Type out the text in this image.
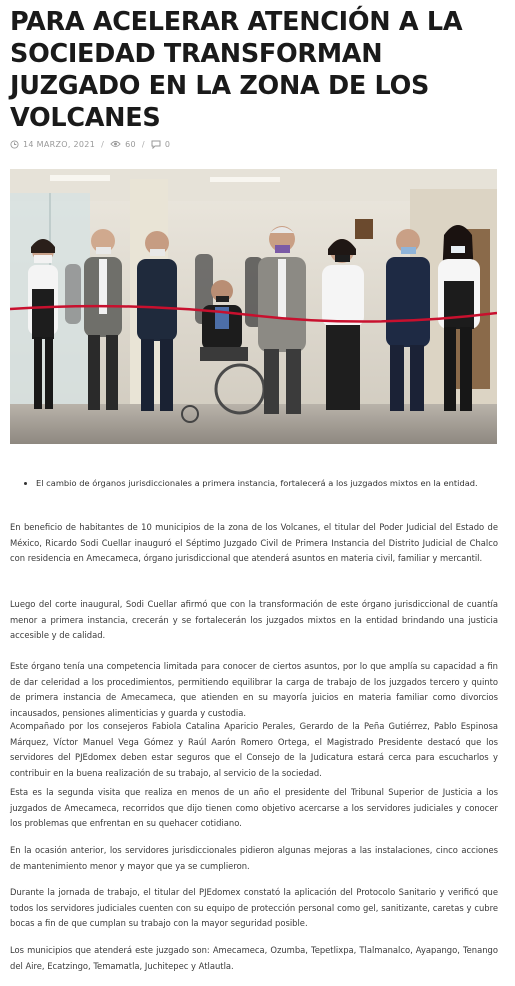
PARA ACELERAR ATENCIÓN A LA SOCIEDAD TRANSFORMAN JUZGADO EN LA ZONA DE LOS VOLCANES
14 MARZO, 2021 /	60 /	0
• El cambio de órganos jurisdiccionales a primera instancia, fortalecerá a los juzgados mixtos en la entidad.

En beneficio de habitantes de 10 municipios de la zona de los Volcanes, el titular del Poder Judicial del Estado de México, Ricardo Sodi Cuellar inauguró el Séptimo Juzgado Civil de Primera Instancia del Distrito Judicial de Chalco con residencia en Amecameca, órgano jurisdiccional que atenderá asuntos en materia civil, familiar y mercantil.

Luego del corte inaugural, Sodi Cuellar afirmó que con la transformación de este órgano jurisdiccional de cuantía menor a primera instancia, crecerán y se fortalecerán los juzgados mixtos en la entidad brindando una justicia accesible y de calidad.

Este órgano tenía una competencia limitada para conocer de ciertos asuntos, por lo que amplía su capacidad a fin de dar celeridad a los procedimientos, permitiendo equilibrar la carga de trabajo de los juzgados tercero y quinto de primera instancia de Amecameca, que atienden en su mayoría juicios en materia familiar como divorcios incausados, pensiones alimenticias y guarda y custodia.

Acompañado por los consejeros Fabiola Catalina Aparicio Perales, Gerardo de la Peña Gutiérrez, Pablo Espinosa Márquez, Víctor Manuel Vega Gómez y Raúl Aarón Romero Ortega, el Magistrado Presidente destacó que los servidores del PJEdomex deben estar seguros que el Consejo de la Judicatura estará cerca para escucharlos y contribuir en la buena realización de su trabajo, al servicio de la sociedad.

Esta es la segunda visita que realiza en menos de un año el presidente del Tribunal Superior de Justicia a los juzgados de Amecameca, recorridos que dijo tienen como objetivo acercarse a los servidores judiciales y conocer los problemas que enfrentan en su quehacer cotidiano.

En la ocasión anterior, los servidores jurisdiccionales pidieron algunas mejoras a las instalaciones, cinco acciones de mantenimiento menor y mayor que ya se cumplieron.

Durante la jornada de trabajo, el titular del PJEdomex constató la aplicación del Protocolo Sanitario y verificó que todos los servidores judiciales cuenten con su equipo de protección personal como gel, sanitizante, caretas y cubre bocas a fin de que cumplan su trabajo con la mayor seguridad posible.

Los municipios que atenderá este juzgado son: Amecameca, Ozumba, Tepetlixpa, Tlalmanalco, Ayapango, Tenango del Aire, Ecatzingo, Temamatla, Juchitepec y Atlautla.
